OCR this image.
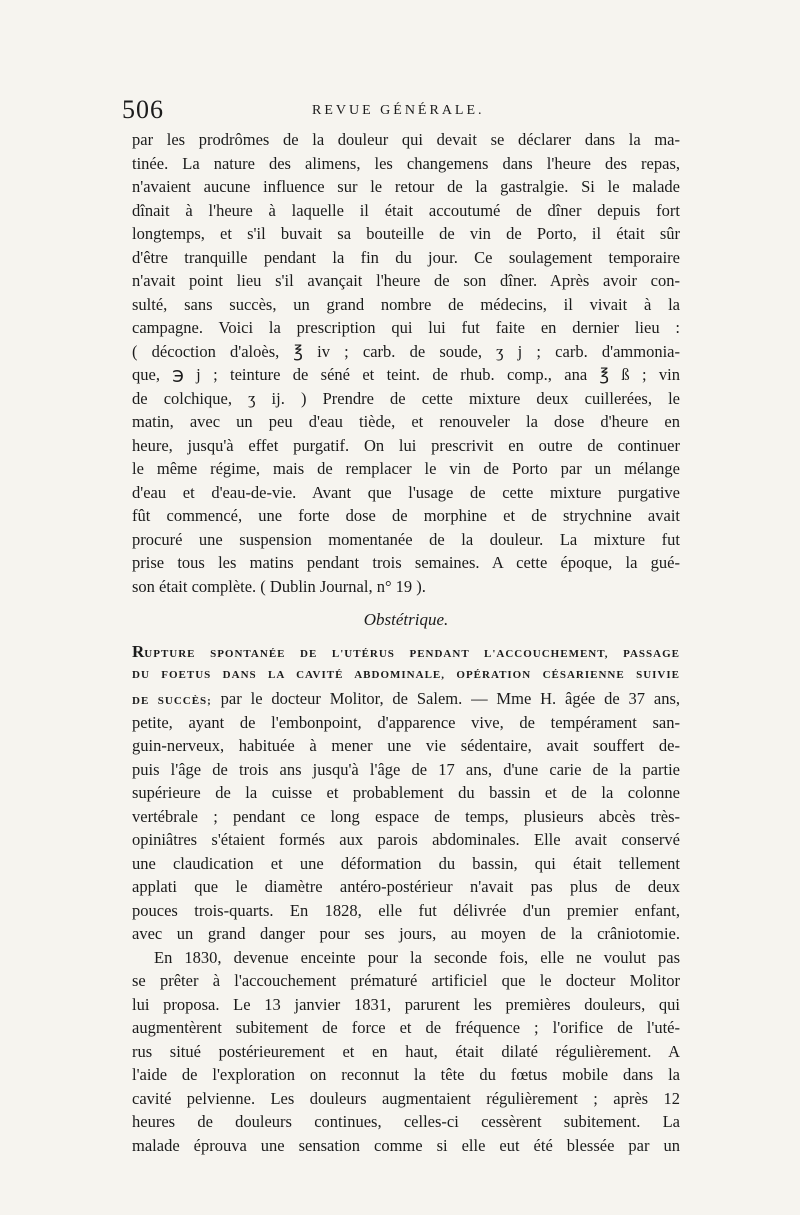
506	REVUE GÉNÉRALE.
par les prodrômes de la douleur qui devait se déclarer dans la ma-
tinée. La nature des alimens, les changemens dans l'heure des repas,
n'avaient aucune influence sur le retour de la gastralgie. Si le malade
dînait à l'heure à laquelle il était accoutumé de dîner depuis fort
longtemps, et s'il buvait sa bouteille de vin de Porto, il était sûr
d'être tranquille pendant la fin du jour. Ce soulagement temporaire
n'avait point lieu s'il avançait l'heure de son dîner. Après avoir con-
sulté, sans succès, un grand nombre de médecins, il vivait à la
campagne. Voici la prescription qui lui fut faite en dernier lieu :
( décoction d'aloès, ℥ iv ; carb. de soude, ʒ j ; carb. d'ammonia-
que, ℈ j ; teinture de séné et teint. de rhub. comp., ana ℥ ß ; vin
de colchique, ʒ ij. ) Prendre de cette mixture deux cuillerées, le
matin, avec un peu d'eau tiède, et renouveler la dose d'heure en
heure, jusqu'à effet purgatif. On lui prescrivit en outre de continuer
le même régime, mais de remplacer le vin de Porto par un mélange
d'eau et d'eau-de-vie. Avant que l'usage de cette mixture purgative
fût commencé, une forte dose de morphine et de strychnine avait
procuré une suspension momentanée de la douleur. La mixture fut
prise tous les matins pendant trois semaines. A cette époque, la gué-
son était complète. ( Dublin Journal, n° 19 ).
Obstétrique.
RUPTURE SPONTANÉE DE L'UTÉRUS PENDANT L'ACCOUCHEMENT, PASSAGE
DU FOETUS DANS LA CAVITÉ ABDOMINALE, OPÉRATION CÉSARIENNE SUIVIE
DE SUCCÈS; par le docteur Molitor, de Salem. — Mme H. âgée de 37 ans,
petite, ayant de l'embonpoint, d'apparence vive, de tempérament san-
guin-nerveux, habituée à mener une vie sédentaire, avait souffert de-
puis l'âge de trois ans jusqu'à l'âge de 17 ans, d'une carie de la partie
supérieure de la cuisse et probablement du bassin et de la colonne
vertébrale ; pendant ce long espace de temps, plusieurs abcès très-
opiniâtres s'étaient formés aux parois abdominales. Elle avait conservé
une claudication et une déformation du bassin, qui était tellement
applati que le diamètre antéro-postérieur n'avait pas plus de deux
pouces trois-quarts. En 1828, elle fut délivrée d'un premier enfant,
avec un grand danger pour ses jours, au moyen de la crâniotomie.
En 1830, devenue enceinte pour la seconde fois, elle ne voulut pas
se prêter à l'accouchement prématuré artificiel que le docteur Molitor
lui proposa. Le 13 janvier 1831, parurent les premières douleurs, qui
augmentèrent subitement de force et de fréquence ; l'orifice de l'uté-
rus situé postérieurement et en haut, était dilaté régulièrement. A
l'aide de l'exploration on reconnut la tête du fœtus mobile dans la
cavité pelvienne. Les douleurs augmentaient régulièrement ; après 12
heures de douleurs continues, celles-ci cessèrent subitement. La
malade éprouva une sensation comme si elle eut été blessée par un
